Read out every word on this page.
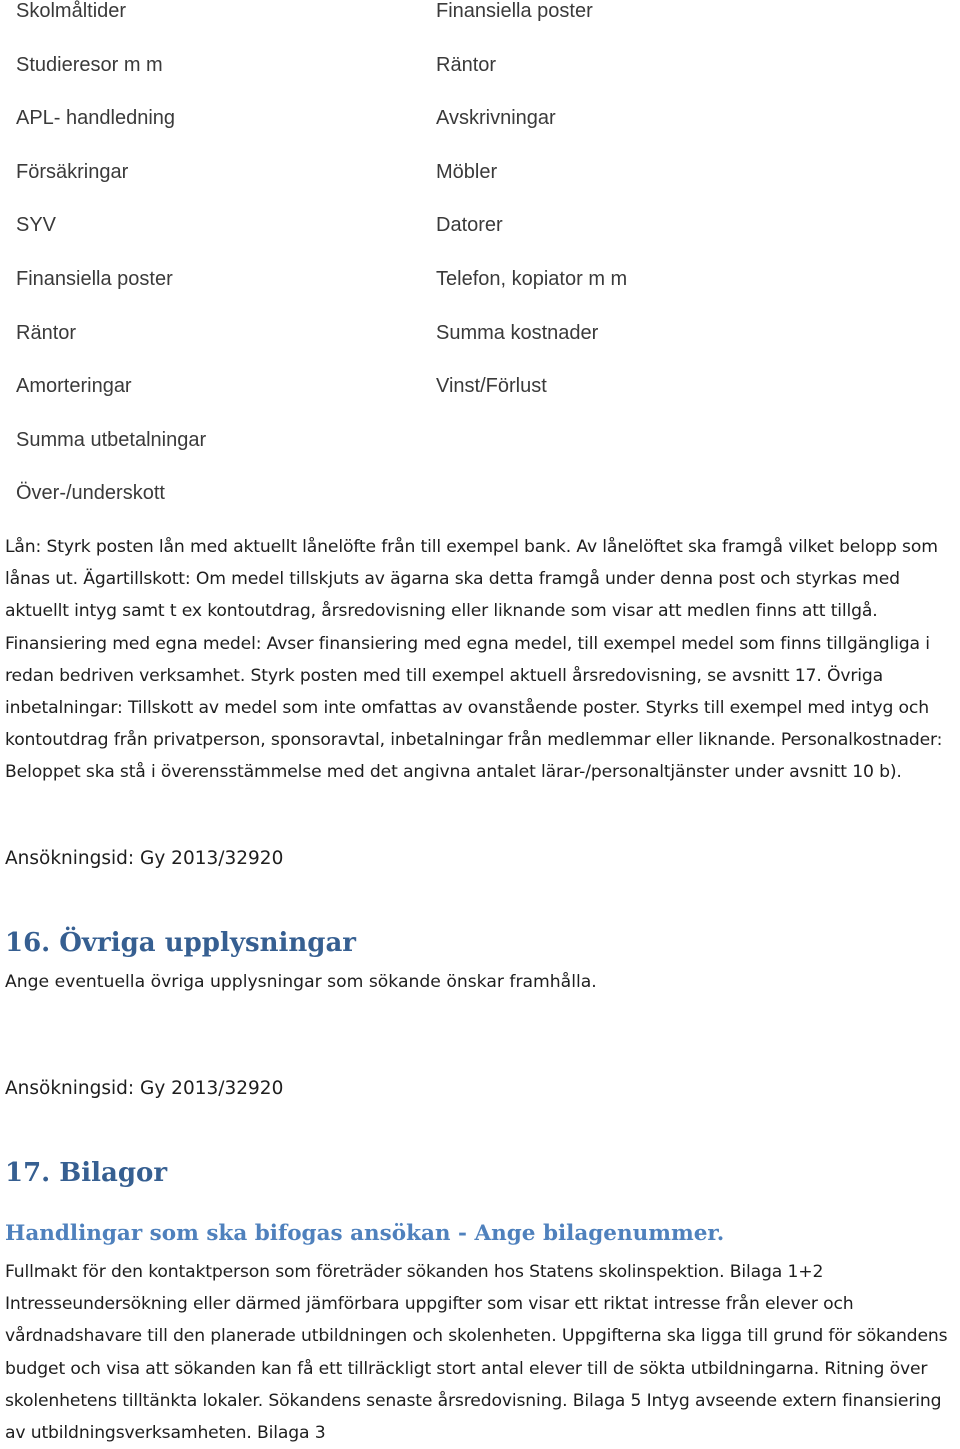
Skolmåltider
Studieresor m m
APL- handledning
Försäkringar
SYV
Finansiella poster
Räntor
Amorteringar
Finansiella poster
Räntor
Avskrivningar
Möbler
Datorer
Telefon, kopiator m m
Summa kostnader
Vinst/Förlust
Summa utbetalningar
Över-/underskott
Lån: Styrk posten lån med aktuellt lånelöfte från till exempel bank. Av lånelöftet ska framgå vilket belopp som lånas ut. Ägartillskott: Om medel tillskjuts av ägarna ska detta framgå under denna post och styrkas med aktuellt intyg samt t ex kontoutdrag, årsredovisning eller liknande som visar att medlen finns att tillgå. Finansiering med egna medel: Avser finansiering med egna medel, till exempel medel som finns tillgängliga i redan bedriven verksamhet. Styrk posten med till exempel aktuell årsredovisning, se avsnitt 17. Övriga inbetalningar: Tillskott av medel som inte omfattas av ovanstående poster. Styrks till exempel med intyg och kontoutdrag från privatperson, sponsoravtal, inbetalningar från medlemmar eller liknande. Personalkostnader: Beloppet ska stå i överensstämmelse med det angivna antalet lärar-/personaltjänster under avsnitt 10 b).
Ansökningsid: Gy 2013/32920
16. Övriga upplysningar
Ange eventuella övriga upplysningar som sökande önskar framhålla.
Ansökningsid: Gy 2013/32920
17. Bilagor
Handlingar som ska bifogas ansökan - Ange bilagenummer.
Fullmakt för den kontaktperson som företräder sökanden hos Statens skolinspektion. Bilaga 1+2 Intresseundersökning eller därmed jämförbara uppgifter som visar ett riktat intresse från elever och vårdnadshavare till den planerade utbildningen och skolenheten. Uppgifterna ska ligga till grund för sökandens budget och visa att sökanden kan få ett tillräckligt stort antal elever till de sökta utbildningarna. Ritning över skolenhetens tilltänkta lokaler. Sökandens senaste årsredovisning. Bilaga 5 Intyg avseende extern finansiering av utbildningsverksamheten. Bilaga 3
